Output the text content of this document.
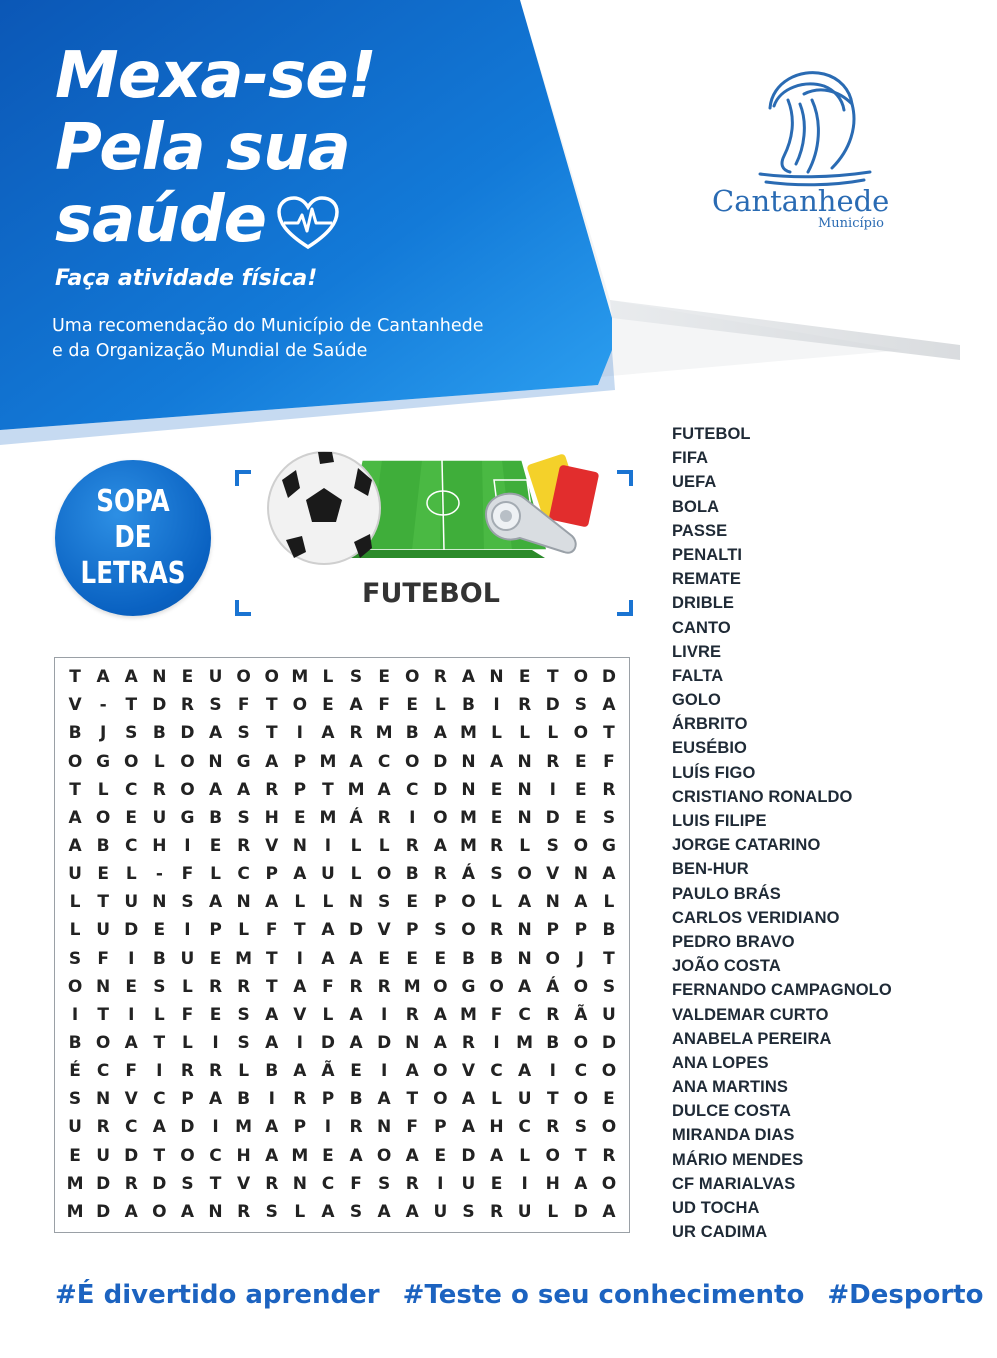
Mexa-se!
Pela sua
saúde
Faça atividade física!
Uma recomendação do Município de Cantanhede
e da Organização Mundial de Saúde
Cantanhede
Município
SOPA
DE
LETRAS
FUTEBOL
T A A N E U O O M L S E O R A N E T O D
V	-	T D R S F T O E A F E L B	I	R D S A
B	J	S B D A S T	I	A R M B A M L	L	L O T
O G O L O N G A P M A C O D N A N R E F
T L C R O A A R P T M A C D N E N	I	E R
A O E U G B S H E M Á R	I	O M E N D E S
A B C H	I	E R V N	I	L	L R A M R L S O G
U E L	-	F L C P A U L O B R Á S O V N A
L T U N S A N A L	L N S E P O L A N A L
L U D E	I	P L F T A D V P S O R N P P B
S F	I	B U E M T	I	A A E E E B B N O	J	T
O N E S L R R T A F R R M O G O A Á O S
I	T	I	L F E S A V L A	I	R A M F C R Ã U
B O A T L	I	S A	I	D A D N A R	I M B O D
É C F	I	R R L B A Ã E	I	A O V C A	I	C O
S N V C P A B	I	R P B A T O A L U T O E
U R C A D	I M A P	I	R N F P A H C R S O
E U D T O C H A M E A O A E D A L O T R
M D R D S T V R N C F S R	I	U E	I	H A O
M D A O A N R S L A S A A U S R U L D A
FUTEBOL
FIFA
UEFA
BOLA
PASSE
PENALTI
REMATE
DRIBLE
CANTO
LIVRE
FALTA
GOLO
ÁRBRITO
EUSÉBIO
LUÍS FIGO
CRISTIANO RONALDO
LUIS FILIPE
JORGE CATARINO
BEN-HUR
PAULO BRÁS
CARLOS VERIDIANO
PEDRO BRAVO
JOÃO COSTA
FERNANDO CAMPAGNOLO
VALDEMAR CURTO
ANABELA PEREIRA
ANA LOPES
ANA MARTINS
DULCE COSTA
MIRANDA DIAS
MÁRIO MENDES
CF MARIALVAS
UD TOCHA
UR CADIMA
#É divertido aprender #Teste o seu conhecimento #Desporto
